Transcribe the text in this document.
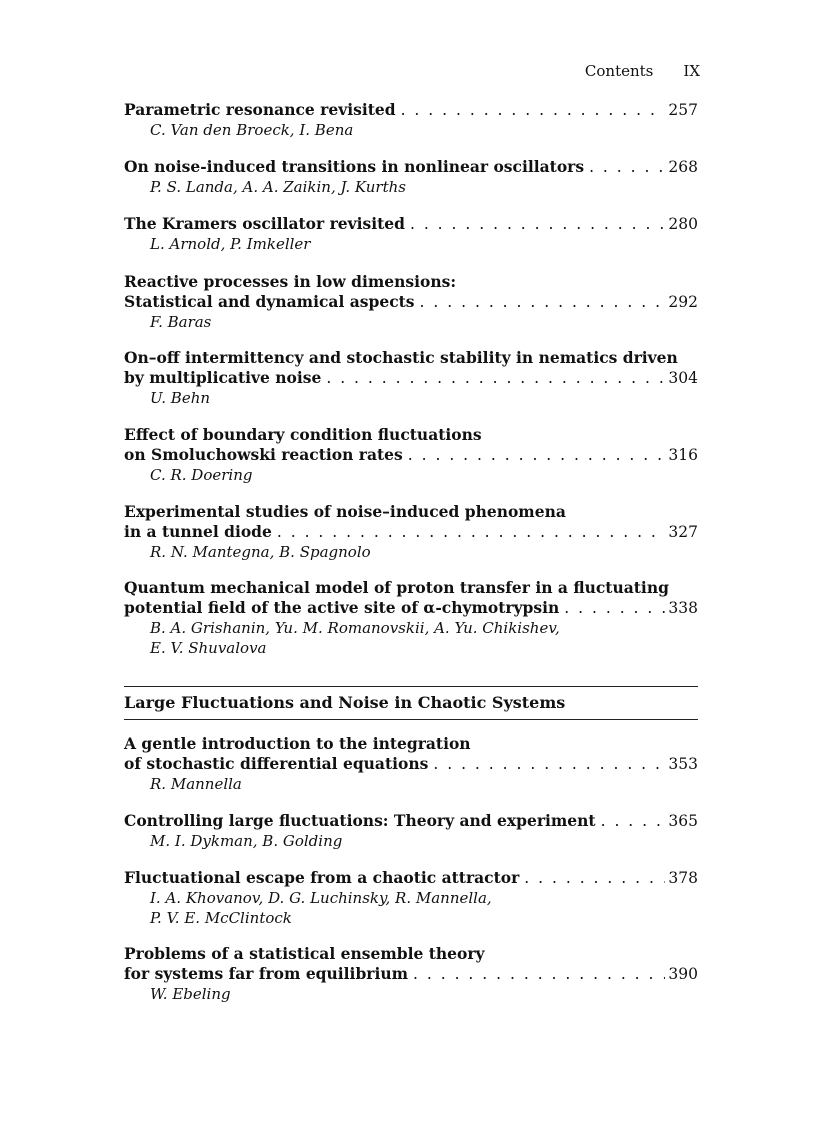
Contents IX
Parametric resonance revisited . . .	257
C. Van den Broeck, I. Bena
On noise-induced transitions in nonlinear oscillators . . .	268
P. S. Landa, A. A. Zaikin, J. Kurths
The Kramers oscillator revisited . . .	280
L. Arnold, P. Imkeller
Reactive processes in low dimensions:
Statistical and dynamical aspects . . .	292
F. Baras
On–off intermittency and stochastic stability in nematics driven
by multiplicative noise . . .	304
U. Behn
Effect of boundary condition fluctuations
on Smoluchowski reaction rates . . .	316
C. R. Doering
Experimental studies of noise–induced phenomena
in a tunnel diode . . .	327
R. N. Mantegna, B. Spagnolo
Quantum mechanical model of proton transfer in a fluctuating
potential field of the active site of α-chymotrypsin . . .	338
B. A. Grishanin, Yu. M. Romanovskii, A. Yu. Chikishev,
E. V. Shuvalova
Large Fluctuations and Noise in Chaotic Systems
A gentle introduction to the integration
of stochastic differential equations . . .	353
R. Mannella
Controlling large fluctuations: Theory and experiment . . .	365
M. I. Dykman, B. Golding
Fluctuational escape from a chaotic attractor . . .	378
I. A. Khovanov, D. G. Luchinsky, R. Mannella,
P. V. E. McClintock
Problems of a statistical ensemble theory
for systems far from equilibrium . . .	390
W. Ebeling
